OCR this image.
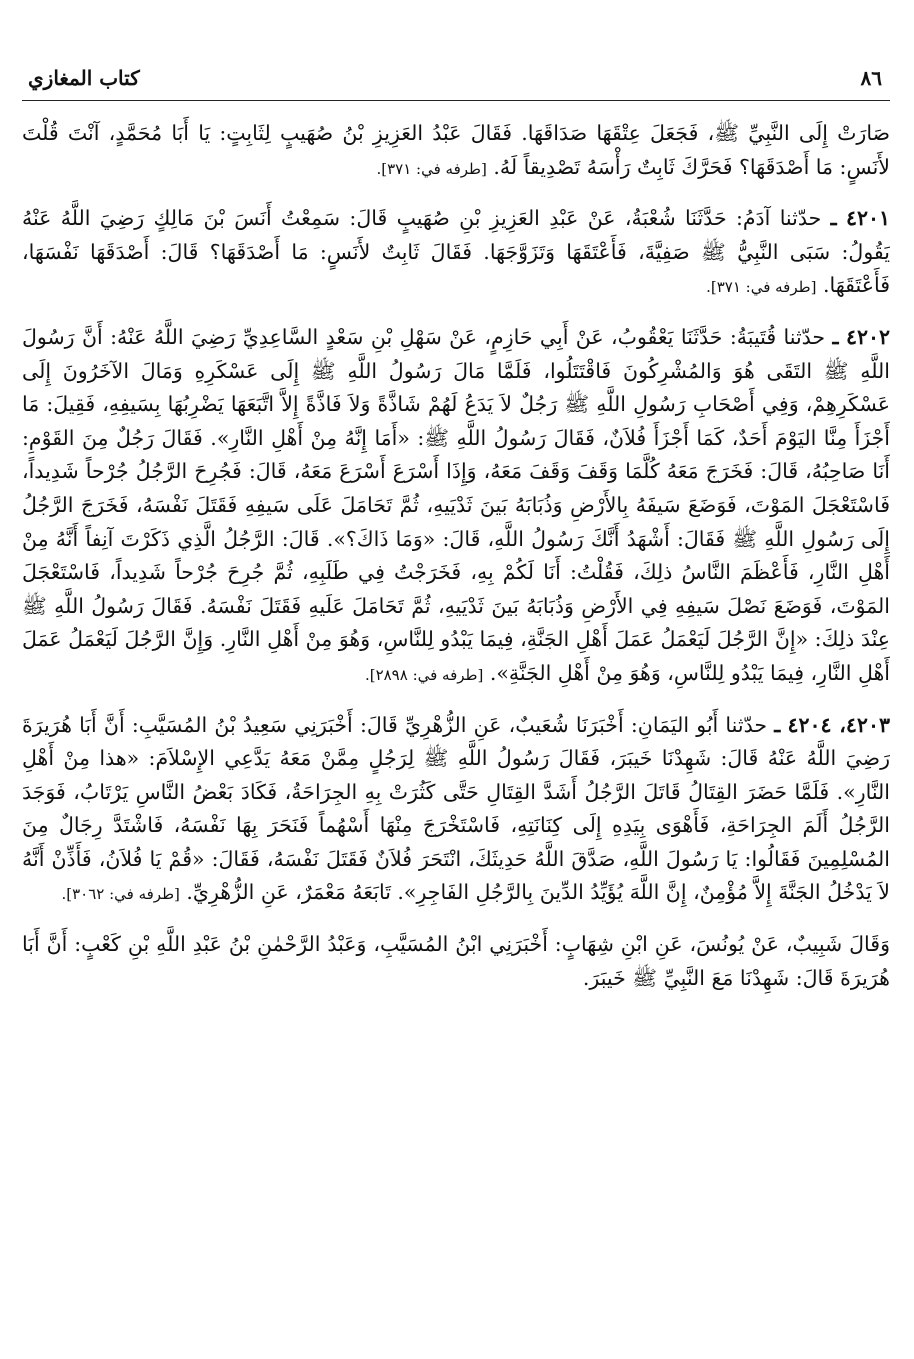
٨٦
كتاب المغازي

صَارَتْ إِلَى النَّبِيِّ ﷺ، فَجَعَلَ عِتْقَهَا صَدَاقَهَا. فَقَالَ عَبْدُ العَزِيزِ بْنُ صُهَيبٍ لِثَابِتٍ: يَا أَبَا مُحَمَّدٍ، آنْتَ قُلْتَ لأَنَسٍ: مَا أَصْدَقَهَا؟ فَحَرَّكَ ثَابِتٌ رَأْسَهُ تَصْدِيقاً لَهُ. [طرفه في: ٣٧١].

٤٢٠١ ـ حدّثنا آدَمُ: حَدَّثَنَا شُعْبَةُ، عَنْ عَبْدِ العَزِيزِ بْنِ صُهَيبٍ قَالَ: سَمِعْتُ أَنَسَ بْنَ مَالِكٍ رَضِيَ اللَّهُ عَنْهُ يَقُولُ: سَبَى النَّبِيُّ ﷺ صَفِيَّةَ، فَأَعْتَقَهَا وَتَزَوَّجَهَا. فَقَالَ ثَابِتٌ لأَنَسٍ: مَا أَصْدَقَهَا؟ قَالَ: أَصْدَقَهَا نَفْسَهَا، فَأَعْتَقَهَا. [طرفه في: ٣٧١].

٤٢٠٢ ـ حدّثنا قُتَيبَةُ: حَدَّثَنَا يَعْقُوبُ، عَنْ أَبِي حَازِمٍ، عَنْ سَهْلِ بْنِ سَعْدٍ السَّاعِدِيِّ رَضِيَ اللَّهُ عَنْهُ: أَنَّ رَسُولَ اللَّهِ ﷺ التَقَى هُوَ وَالمُشْرِكُونَ فَاقْتَتَلُوا، فَلَمَّا مَالَ رَسُولُ اللَّهِ ﷺ إِلَى عَسْكَرِهِ وَمَالَ الآخَرُونَ إِلَى عَسْكَرِهِمْ، وَفِي أَصْحَابِ رَسُولِ اللَّهِ ﷺ رَجُلٌ لاَ يَدَعُ لَهُمْ شَاذَّةً وَلاَ فَاذَّةً إِلاَّ اتَّبَعَهَا يَضْرِبُهَا بِسَيفِهِ، فَقِيلَ: مَا أَجْزَأَ مِنَّا اليَوْمَ أَحَدٌ، كَمَا أَجْزَأَ فُلاَنٌ، فَقَالَ رَسُولُ اللَّهِ ﷺ: «أَمَا إِنَّهُ مِنْ أَهْلِ النَّارِ». فَقَالَ رَجُلٌ مِنَ القَوْمِ: أَنَا صَاحِبُهُ، قَالَ: فَخَرَجَ مَعَهُ كُلَّمَا وَقَفَ وَقَفَ مَعَهُ، وَإِذَا أَسْرَعَ أَسْرَعَ مَعَهُ، قَالَ: فَجُرِحَ الرَّجُلُ جُرْحاً شَدِيداً، فَاسْتَعْجَلَ المَوْتَ، فَوَضَعَ سَيفَهُ بِالأَرْضِ وَذُبَابَهُ بَينَ ثَدْيَيهِ، ثُمَّ تَحَامَلَ عَلَى سَيفِهِ فَقَتَلَ نَفْسَهُ، فَخَرَجَ الرَّجُلُ إِلَى رَسُولِ اللَّهِ ﷺ فَقَالَ: أَشْهَدُ أَنَّكَ رَسُولُ اللَّهِ، قَالَ: «وَمَا ذَاكَ؟». قَالَ: الرَّجُلُ الَّذِي ذَكَرْتَ آنِفاً أَنَّهُ مِنْ أَهْلِ النَّارِ، فَأَعْظَمَ النَّاسُ ذلِكَ، فَقُلْتُ: أَنَا لَكُمْ بِهِ، فَخَرَجْتُ فِي طَلَبِهِ، ثُمَّ جُرِحَ جُرْحاً شَدِيداً، فَاسْتَعْجَلَ المَوْتَ، فَوَضَعَ نَصْلَ سَيفِهِ فِي الأَرْضِ وَذُبَابَهُ بَينَ ثَدْيَيهِ، ثُمَّ تَحَامَلَ عَلَيهِ فَقَتَلَ نَفْسَهُ. فَقَالَ رَسُولُ اللَّهِ ﷺ عِنْدَ ذلِكَ: «إِنَّ الرَّجُلَ لَيَعْمَلُ عَمَلَ أَهْلِ الجَنَّةِ، فِيمَا يَبْدُو لِلنَّاسِ، وَهُوَ مِنْ أَهْلِ النَّارِ. وَإِنَّ الرَّجُلَ لَيَعْمَلُ عَمَلَ أَهْلِ النَّارِ، فِيمَا يَبْدُو لِلنَّاسِ، وَهُوَ مِنْ أَهْلِ الجَنَّةِ». [طرفه في: ٢٨٩٨].

٤٢٠٣، ٤٢٠٤ ـ حدّثنا أَبُو اليَمَانِ: أَخْبَرَنَا شُعَيبٌ، عَنِ الزُّهْرِيِّ قَالَ: أَخْبَرَنِي سَعِيدُ بْنُ المُسَيَّبِ: أَنَّ أَبَا هُرَيرَةَ رَضِيَ اللَّهُ عَنْهُ قَالَ: شَهِدْنَا خَيبَرَ، فَقَالَ رَسُولُ اللَّهِ ﷺ لِرَجُلٍ مِمَّنْ مَعَهُ يَدَّعِي الإِسْلاَمَ: «هذا مِنْ أَهْلِ النَّارِ». فَلَمَّا حَضَرَ القِتَالُ قَاتَلَ الرَّجُلُ أَشَدَّ القِتَالِ حَتَّى كَثُرَتْ بِهِ الجِرَاحَةُ، فَكَادَ بَعْضُ النَّاسِ يَرْتَابُ، فَوَجَدَ الرَّجُلُ أَلَمَ الجِرَاحَةِ، فَأَهْوَى بِيَدِهِ إِلَى كِنَانَتِهِ، فَاسْتَخْرَجَ مِنْهَا أَسْهُماً فَنَحَرَ بِهَا نَفْسَهُ، فَاشْتَدَّ رِجَالٌ مِنَ المُسْلِمِينَ فَقَالُوا: يَا رَسُولَ اللَّهِ، صَدَّقَ اللَّهُ حَدِيثَكَ، انْتَحَرَ فُلاَنٌ فَقَتَلَ نَفْسَهُ، فَقَالَ: «قُمْ يَا فُلاَنُ، فَأَذِّنْ أَنَّهُ لاَ يَدْخُلُ الجَنَّةَ إِلاَّ مُؤْمِنٌ، إِنَّ اللَّهَ يُؤَيِّدُ الدِّينَ بِالرَّجُلِ الفَاجِرِ». تَابَعَهُ مَعْمَرٌ، عَنِ الزُّهْرِيِّ. [طرفه في: ٣٠٦٢].

وَقَالَ شَبِيبٌ، عَنْ يُونُسَ، عَنِ ابْنِ شِهَابٍ: أَخْبَرَنِي ابْنُ المُسَيَّبِ، وَعَبْدُ الرَّحْمٰنِ بْنُ عَبْدِ اللَّهِ بْنِ كَعْبٍ: أَنَّ أَبَا هُرَيرَةَ قَالَ: شَهِدْنَا مَعَ النَّبِيِّ ﷺ خَيبَرَ.
